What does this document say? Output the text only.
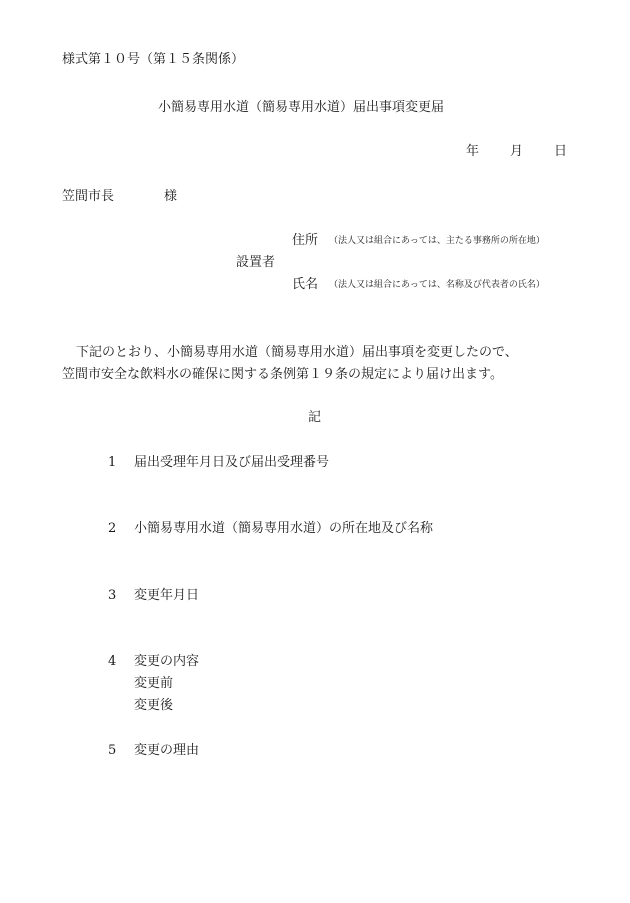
様式第１０号（第１５条関係）
小簡易専用水道（簡易専用水道）届出事項変更届
年 月 日
笠間市長	様
住所 （法人又は組合にあっては、主たる事務所の所在地）
設置者
氏名 （法人又は組合にあっては、名称及び代表者の氏名）
下記のとおり、小簡易専用水道（簡易専用水道）届出事項を変更したので、
笠間市安全な飲料水の確保に関する条例第１９条の規定により届け出ます。
記
1 届出受理年月日及び届出受理番号
2 小簡易専用水道（簡易専用水道）の所在地及び名称
3 変更年月日
4 変更の内容
変更前
変更後
5 変更の理由
